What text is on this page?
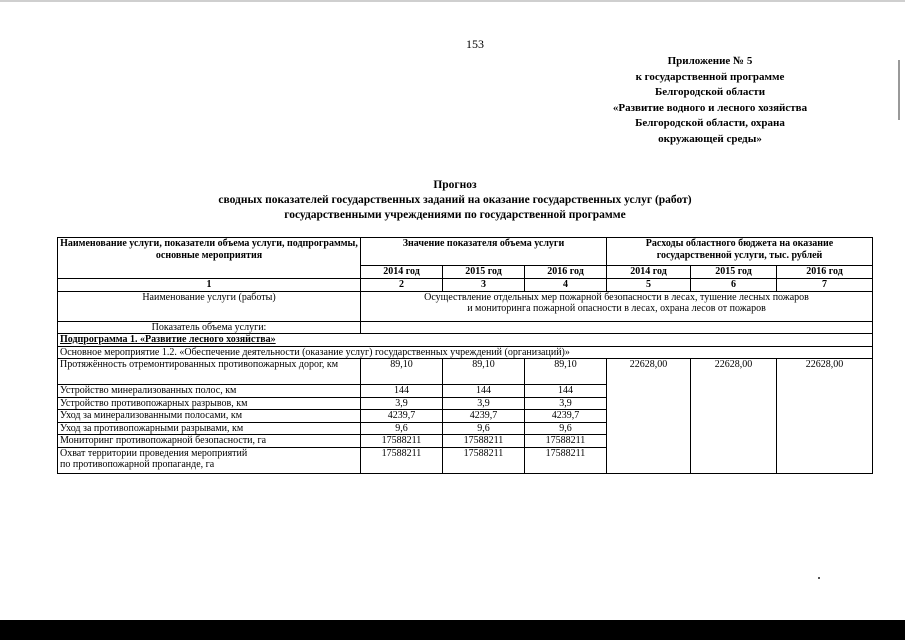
153
Приложение № 5
к государственной программе
Белгородской области
«Развитие водного и лесного хозяйства
Белгородской области, охрана
окружающей среды»
Прогноз
сводных показателей государственных заданий на оказание государственных услуг (работ)
государственными учреждениями по государственной программе
Наименование услуги, показатели объема услуги, подпрограммы, основные мероприятия	Значение показателя объема услуги			Расходы областного бюджета на оказание государственной услуги, тыс. рублей		
	2014 год	2015 год	2016 год	2014 год	2015 год	2016 год
1	2	3	4	5	6	7
Наименование услуги (работы)	Осуществление отдельных мер пожарной безопасности в лесах, тушение лесных пожаров
и мониторинга пожарной опасности в лесах, охрана лесов от пожаров					

Показатель объема услуги:						
Подпрограмма 1. «Развитие лесного хозяйства»						
Основное мероприятие 1.2. «Обеспечение деятельности (оказание услуг) государственных учреждений (организаций)»						
Протяжённость отремонтированных противопожарных дорог, км	89,10	89,10	89,10	22628,00	22628,00	22628,00
Устройство минерализованных полос, км	144	144	144			
Устройство противопожарных разрывов, км	3,9	3,9	3,9			
Уход за минерализованными полосами, км	4239,7	4239,7	4239,7			
Уход за противопожарными разрывами, км	9,6	9,6	9,6			
Мониторинг противопожарной безопасности, га	17588211	17588211	17588211			

Охват территории проведения мероприятий
по противопожарной пропаганде, га	17588211	17588211	17588211			
